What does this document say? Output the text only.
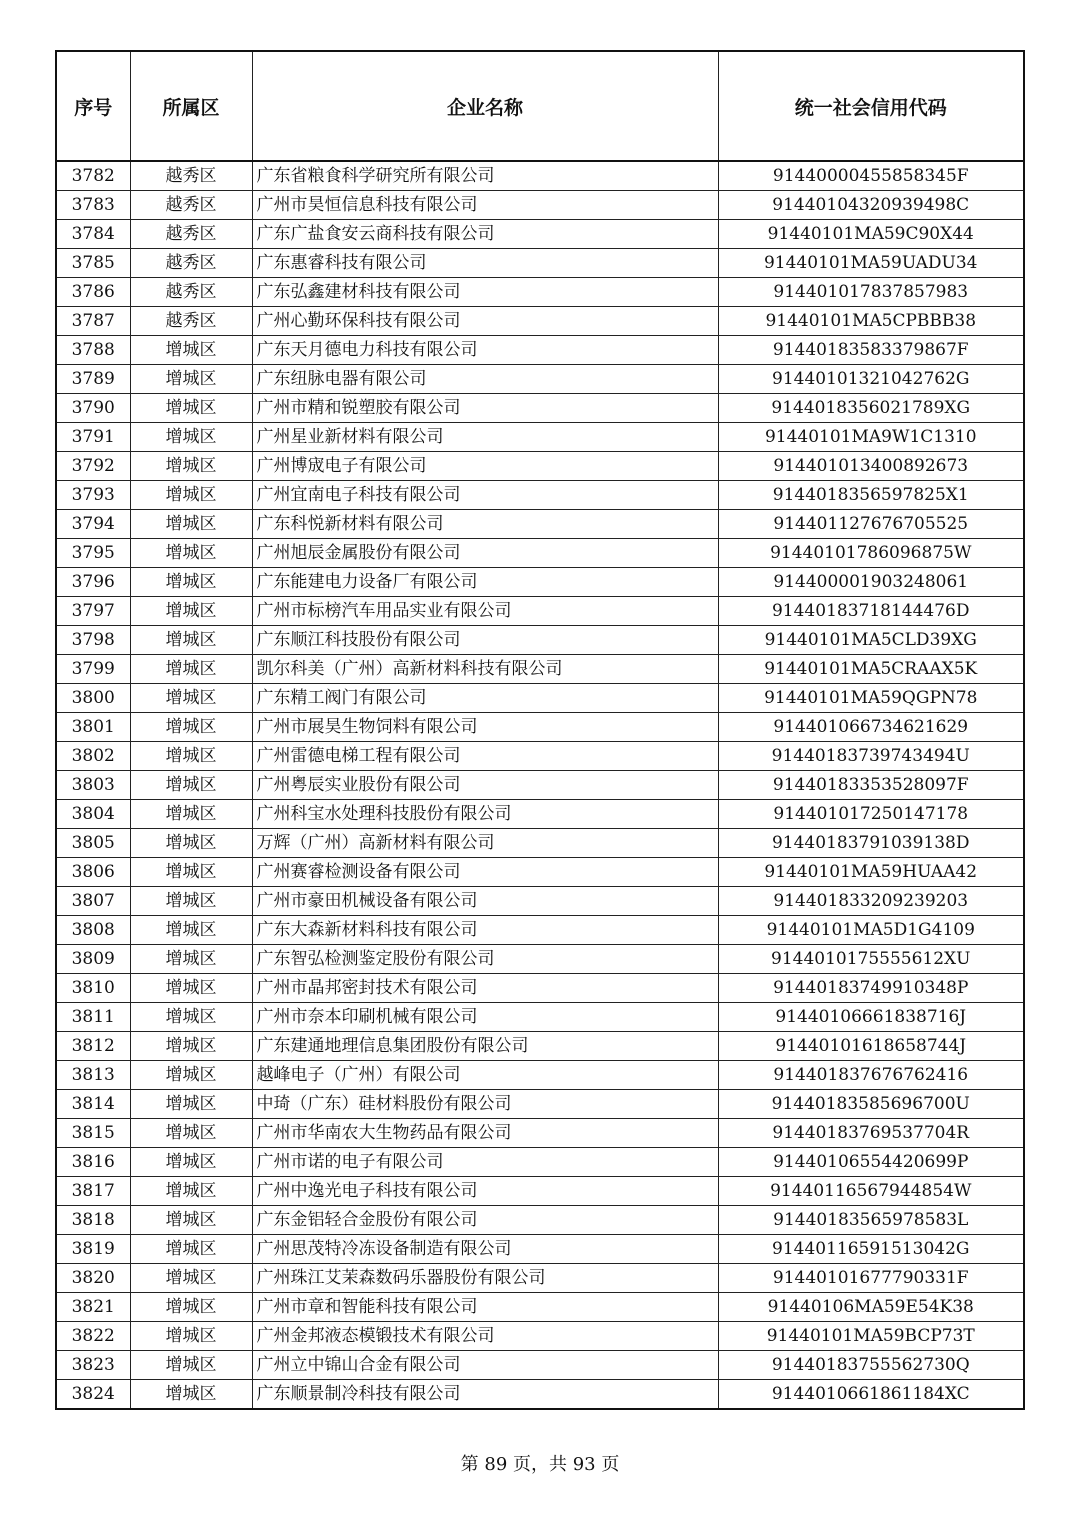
序号	所属区	企业名称	统一社会信用代码
3782	越秀区	广东省粮食科学研究所有限公司	91440000455858345F
3783	越秀区	广州市昊恒信息科技有限公司	91440104320939498C
3784	越秀区	广东广盐食安云商科技有限公司	91440101MA59C90X44
3785	越秀区	广东惠睿科技有限公司	91440101MA59UADU34
3786	越秀区	广东弘鑫建材科技有限公司	914401017837857983
3787	越秀区	广州心勤环保科技有限公司	91440101MA5CPBBB38
3788	增城区	广东天月德电力科技有限公司	91440183583379867F
3789	增城区	广东纽脉电器有限公司	91440101321042762G
3790	增城区	广州市精和锐塑胶有限公司	9144018356021789XG
3791	增城区	广州星业新材料有限公司	91440101MA9W1C1310
3792	增城区	广州博宬电子有限公司	914401013400892673
3793	增城区	广州宜南电子科技有限公司	9144018356597825X1
3794	增城区	广东科悦新材料有限公司	914401127676705525
3795	增城区	广州旭辰金属股份有限公司	91440101786096875W
3796	增城区	广东能建电力设备厂有限公司	914400001903248061
3797	增城区	广州市标榜汽车用品实业有限公司	91440183718144476D
3798	增城区	广东顺江科技股份有限公司	91440101MA5CLD39XG
3799	增城区	凯尔科美（广州）高新材料科技有限公司	91440101MA5CRAAX5K
3800	增城区	广东精工阀门有限公司	91440101MA59QGPN78
3801	增城区	广州市展昊生物饲料有限公司	914401066734621629
3802	增城区	广州雷德电梯工程有限公司	91440183739743494U
3803	增城区	广州粤辰实业股份有限公司	91440183353528097F
3804	增城区	广州科宝水处理科技股份有限公司	914401017250147178
3805	增城区	万辉（广州）高新材料有限公司	91440183791039138D
3806	增城区	广州赛睿检测设备有限公司	91440101MA59HUAA42
3807	增城区	广州市豪田机械设备有限公司	914401833209239203
3808	增城区	广东大森新材料科技有限公司	91440101MA5D1G4109
3809	增城区	广东智弘检测鉴定股份有限公司	9144010175555612XU
3810	增城区	广州市晶邦密封技术有限公司	91440183749910348P
3811	增城区	广州市奈本印刷机械有限公司	91440106661838716J
3812	增城区	广东建通地理信息集团股份有限公司	91440101618658744J
3813	增城区	越峰电子（广州）有限公司	914401837676762416
3814	增城区	中琦（广东）硅材料股份有限公司	91440183585696700U
3815	增城区	广州市华南农大生物药品有限公司	91440183769537704R
3816	增城区	广州市诺的电子有限公司	91440106554420699P
3817	增城区	广州中逸光电子科技有限公司	91440116567944854W
3818	增城区	广东金铝轻合金股份有限公司	91440183565978583L
3819	增城区	广州思茂特冷冻设备制造有限公司	91440116591513042G
3820	增城区	广州珠江艾茉森数码乐器股份有限公司	91440101677790331F
3821	增城区	广州市章和智能科技有限公司	91440106MA59E54K38
3822	增城区	广州金邦液态模锻技术有限公司	91440101MA59BCP73T
3823	增城区	广州立中锦山合金有限公司	91440183755562730Q
3824	增城区	广东顺景制冷科技有限公司	9144010661861184XC
第 89 页，共 93 页
